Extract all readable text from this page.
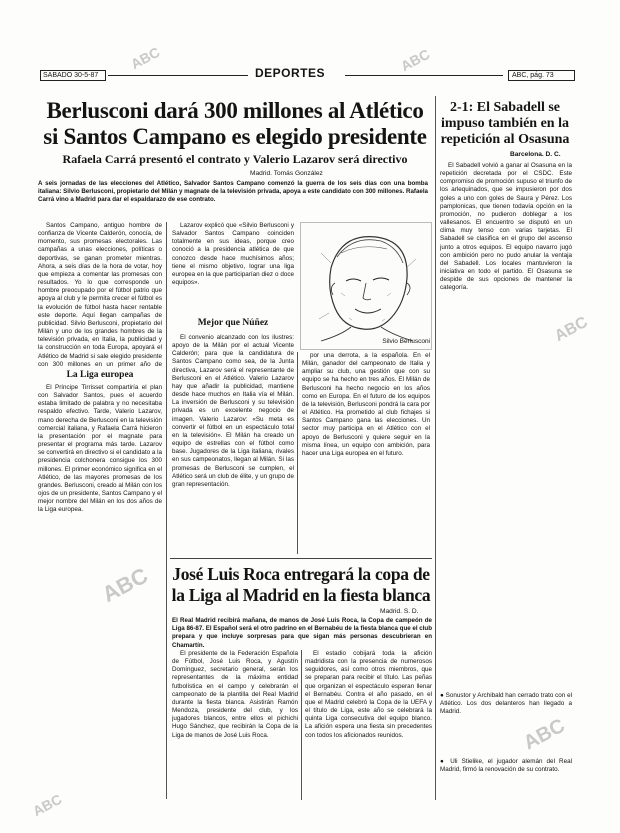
SABADO 30-5-87	DEPORTES	ABC, pág. 73
ABC	ABC
ABC
ABC
ABC
ABC
Berlusconi dará 300 millones al Atlético si Santos Campano es elegido presidente
Rafaela Carrá presentó el contrato y Valerio Lazarov será directivo
Madrid. Tomás González
A seis jornadas de las elecciones del Atlético, Salvador Santos Campano comenzó la guerra de los seis días con una bomba italiana: Silvio Berlusconi, propietario del Milán y magnate de la televisión privada, apoya a este candidato con 300 millones. Rafaela Carrá vino a Madrid para dar el espaldarazo de ese contrato.

Santos Campano, antiguo hombre de confianza de Vicente Calderón, conocía, de momento, sus promesas electorales. Las campañas a unas elecciones, políticas o deportivas, se ganan prometer mientras. Ahora, a seis días de la hora de votar, hoy que empieza a comentar las promesas con resultados. Yo lo que corresponde un hombre preocupado por el fútbol patrio que apoya al club y le permita crecer el fútbol es la evolución de fútbol hasta hacer rentable este deporte. Aquí llegan campañas de publicidad. Silvio Berlusconi, propietario del Milán y uno de los grandes hombres de la televisión privada, en Italia, la publicidad y la construcción en toda Europa, apoyará el Atlético de Madrid si sale elegido presidente con 300 millones en un primer año de

La Liga europea

El Príncipe Tirrisset compartiría el plan con Salvador Santos, pues el acuerdo estaba limitado de palabra y no necesitaba respaldo efectivo. Tarde, Valerio Lazarov, mano derecha de Berlusconi en la televisión comercial italiana, y Rafaela Carrá hicieron la presentación por el magnate para presentar el programa más tarde. Lazarov se convertirá en directivo si el candidato a la presidencia colchonera consigue los 300 millones. El primer económico significa en el Atlético, de las mayores promesas de los grandes. Berlusconi, creado al Milán con los ojos de un presidente, Santos Campano y el mejor nombre del Milán en los dos años de la Liga europea.

Lazarov explicó que «Silvio Berlusconi y Salvador Santos Campano coinciden totalmente en sus ideas, porque creo conoció a la presidencia atlética de que conozco desde hace muchísimos años; tiene el mismo objetivo, lograr una liga europea en la que participarían diez o doce equipos».

Mejor que Núñez

El convenio alcanzado con los ilustres: apoyo de la Milán por el actual Vicente Calderón; para que la candidatura de Santos Campano como sea, de la Junta directiva, Lazarov será el representante de Berlusconi en el Atlético. Valerio Lazarov hay que añadir la publicidad, mantiene desde hace muchos en Italia vía el Milán. La inversión de Berlusconi y su televisión privada es un excelente negocio de imagen. Valerio Lazarov: «Su meta es convertir el fútbol en un espectáculo total en la televisión». El Milán ha creado un equipo de estrellas con el fútbol como base. Jugadores de la Liga italiana, rivales en sus campeonatos, llegan al Milán. Si las promesas de Berlusconi se cumplen, el Atlético será un club de élite, y un grupo de gran representación.

Silvio Berlusconi

por una derrota, a la española. En el Milán, ganador del campeonato de Italia y ampliar su club, una gestión que con su equipo se ha hecho en tres años. El Milán de Berlusconi ha hecho negocio en los años como en Europa. En el futuro de los equipos de la televisión, Berlusconi pondrá la cara por el Atlético. Ha prometido al club fichajes si Santos Campano gana las elecciones. Un sector muy participa en el Atlético con el apoyo de Berlusconi y quiere seguir en la misma línea, un equipo con ambición, para hacer una Liga europea en el futuro.

José Luis Roca entregará la copa de la Liga al Madrid en la fiesta blanca
Madrid. S. D.
El Real Madrid recibirá mañana, de manos de José Luis Roca, la Copa de campeón de Liga 86-87. El Español será el otro padrino en el Bernabéu de la fiesta blanca que el club prepara y que incluye sorpresas para que sigan más personas descubrieran en Chamartín.

El presidente de la Federación Española de Fútbol, José Luis Roca, y Agustín Domínguez, secretario general, serán los representantes de la máxima entidad futbolística en el campo y celebrarán el campeonato de la plantilla del Real Madrid durante la fiesta blanca. Asistirán Ramón Mendoza, presidente del club, y los jugadores blancos, entre ellos el pichichi Hugo Sánchez, que recibirán la Copa de la Liga de manos de José Luis Roca.

El estadio cobijará toda la afición madridista con la presencia de numerosos seguidores, así como otros miembros, que se preparan para recibir el título. Las peñas que organizan el espectáculo esperan llenar el Bernabéu. Contra el año pasado, en el que el Madrid celebró la Copa de la UEFA y el título de Liga, este año se celebrará la quinta Liga consecutiva del equipo blanco. La afición espera una fiesta sin precedentes con todos los aficionados reunidos.

2-1: El Sabadell se impuso también en la repetición al Osasuna
Barcelona. D. C.

El Sabadell volvió a ganar al Osasuna en la repetición decretada por el CSDC. Este compromiso de promoción supuso el triunfo de los arlequinados, que se impusieron por dos goles a uno con goles de Saura y Pérez. Los pamplonicas, que tienen todavía opción en la promoción, no pudieron doblegar a los vallesanos. El encuentro se disputó en un clima muy tenso con varias tarjetas. El Sabadell se clasifica en el grupo del ascenso junto a otros equipos. El equipo navarro jugó con ambición pero no pudo anular la ventaja del Sabadell. Los locales mantuvieron la iniciativa en todo el partido. El Osasuna se despide de sus opciones de mantener la categoría.

● Sonustor y Archibald han cerrado trato con el Atlético. Los dos delanteros han llegado a Madrid.

● Uli Stielike, el jugador alemán del Real Madrid, firmó la renovación de su contrato.
